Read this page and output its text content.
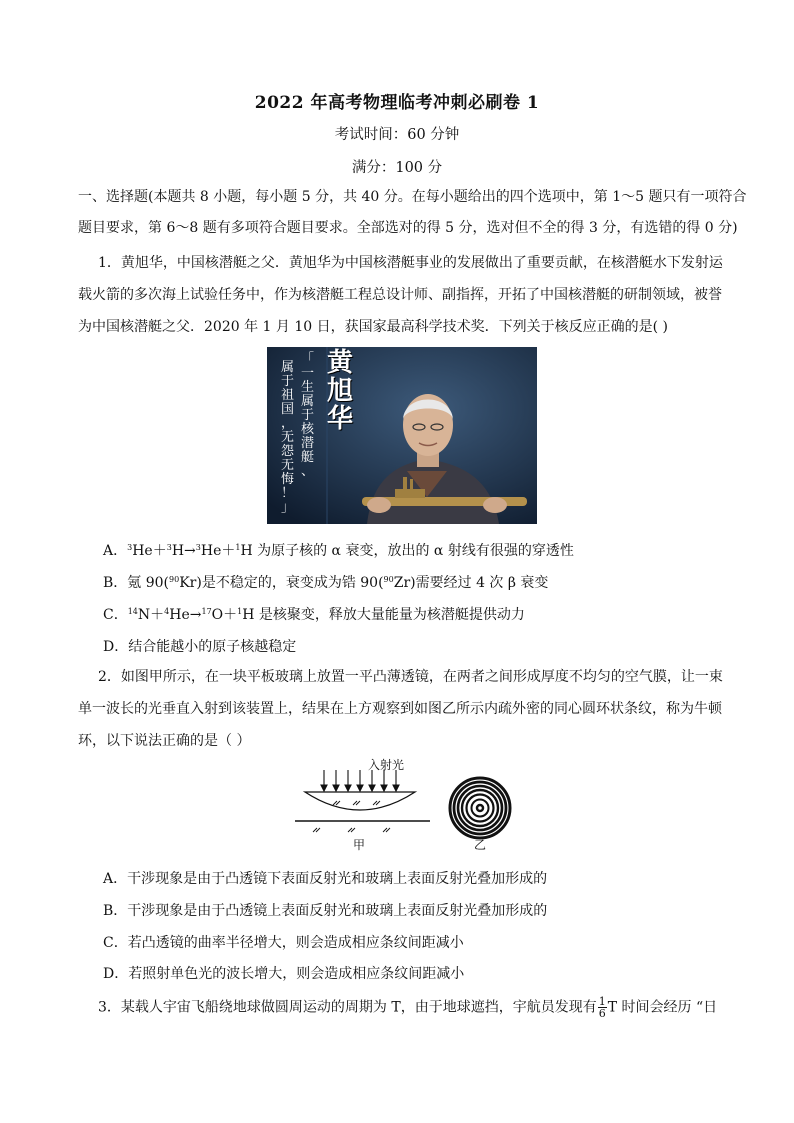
2022 年高考物理临考冲刺必刷卷 1
考试时间：60 分钟
满分：100 分
一、选择题(本题共 8 小题，每小题 5 分，共 40 分。在每小题给出的四个选项中，第 1～5 题只有一项符合
题目要求，第 6～8 题有多项符合题目要求。全部选对的得 5 分，选对但不全的得 3 分，有选错的得 0 分)
1．黄旭华，中国核潜艇之父．黄旭华为中国核潜艇事业的发展做出了重要贡献，在核潜艇水下发射运
载火箭的多次海上试验任务中，作为核潜艇工程总设计师、副指挥，开拓了中国核潜艇的研制领域，被誉
为中国核潜艇之父．2020 年 1 月 10 日，获国家最高科学技术奖．下列关于核反应正确的是( )
黄旭华
「一生属于核潜艇、
属于祖国，无怨无悔！」
A．$^3$He＋$^3$H→$^3$He＋$^1$H 为原子核的 α 衰变，放出的 α 射线有很强的穿透性
B．氪 90($^{90}$Kr)是不稳定的，衰变成为锆 90($^{90}$Zr)需要经过 4 次 β 衰变
C．$^{14}$N＋$^4$He→$^{17}$O＋$^1$H 是核聚变，释放大量能量为核潜艇提供动力
D．结合能越小的原子核越稳定
2．如图甲所示，在一块平板玻璃上放置一平凸薄透镜，在两者之间形成厚度不均匀的空气膜，让一束
单一波长的光垂直入射到该装置上，结果在上方观察到如图乙所示内疏外密的同心圆环状条纹，称为牛顿
环，以下说法正确的是（ ）
入射光
甲	乙
A．干涉现象是由于凸透镜下表面反射光和玻璃上表面反射光叠加形成的
B．干涉现象是由于凸透镜上表面反射光和玻璃上表面反射光叠加形成的
C．若凸透镜的曲率半径增大，则会造成相应条纹间距减小
D．若照射单色光的波长增大，则会造成相应条纹间距减小
3．某载人宇宙飞船绕地球做圆周运动的周期为 T，由于地球遮挡，宇航员发现有 $\frac{1}{6}$ T 时间会经历 “日
